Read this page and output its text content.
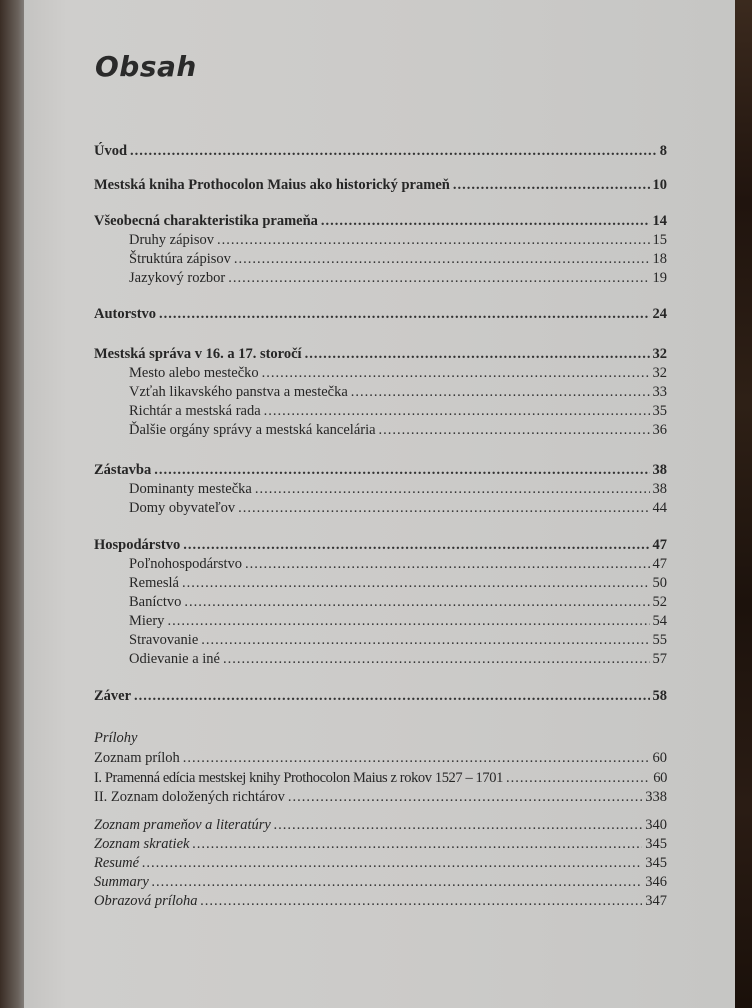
Obsah
Úvod .....	8
Mestská kniha Prothocolon Maius ako historický prameň .....	10
Všeobecná charakteristika prameňa .....	14
Druhy zápisov .....	15
Štruktúra zápisov .....	18
Jazykový rozbor .....	19
Autorstvo .....	24
Mestská správa v 16. a 17. storočí .....	32
Mesto alebo mestečko .....	32
Vzťah likavského panstva a mestečka .....	33
Richtár a mestská rada .....	35
Ďalšie orgány správy a mestská kancelária .....	36
Zástavba .....	38
Dominanty mestečka .....	38
Domy obyvateľov .....	44
Hospodárstvo .....	47
Poľnohospodárstvo .....	47
Remeslá .....	50
Baníctvo .....	52
Miery .....	54
Stravovanie .....	55
Odievanie a iné .....	57
Záver .....	58
Prílohy
Zoznam príloh .....	60
I. Pramenná edícia mestskej knihy Prothocolon Maius z rokov 1527 – 1701 .....	60
II. Zoznam doložených richtárov .....	338
Zoznam prameňov a literatúry .....	340
Zoznam skratiek .....	345
Resumé .....	345
Summary .....	346
Obrazová príloha .....	347
